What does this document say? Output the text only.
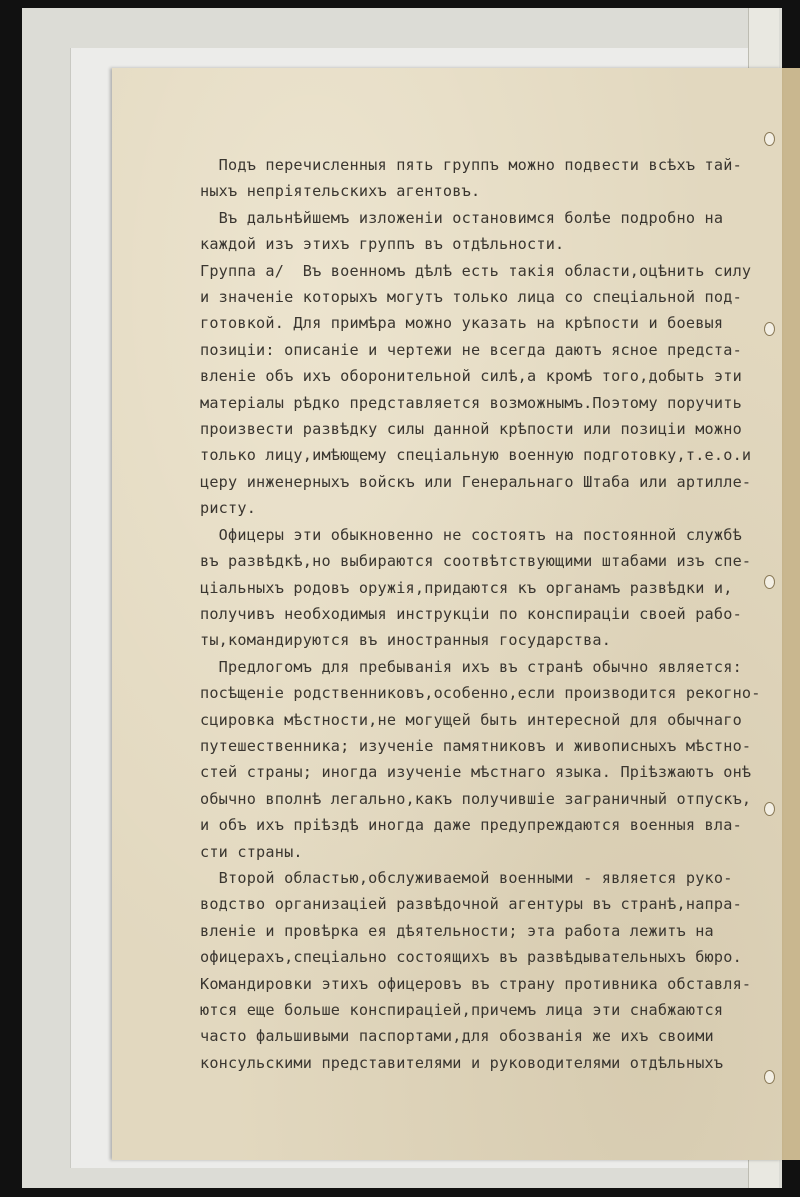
Подъ перечисленныя пять группъ можно подвести всѣхъ тай-
ныхъ непріятельскихъ агентовъ.
Въ дальнѣйшемъ изложеніи остановимся болѣе подробно на
каждой изъ этихъ группъ въ отдѣльности.
Группа а/  Въ военномъ дѣлѣ есть такія области,оцѣнить силу
и значеніе которыхъ могутъ только лица со спеціальной под-
готовкой. Для примѣра можно указать на крѣпости и боевыя
позиціи: описаніе и чертежи не всегда даютъ ясное предста-
вленіе объ ихъ оборонительной силѣ,а кромѣ того,добыть эти
матеріалы рѣдко представляется возможнымъ.Поэтому поручить
произвести развѣдку силы данной крѣпости или позиціи можно
только лицу,имѣющему спеціальную военную подготовку,т.е.о.и
церу инженерныхъ войскъ или Генеральнаго Штаба или артилле-
ристу.
Офицеры эти обыкновенно не состоятъ на постоянной службѣ
въ развѣдкѣ,но выбираются соотвѣтствующими штабами изъ спе-
ціальныхъ родовъ оружія,придаются къ органамъ развѣдки и,
получивъ необходимыя инструкціи по конспираціи своей рабо-
ты,командируются въ иностранныя государства.
Предлогомъ для пребыванія ихъ въ странѣ обычно является:
посѣщеніе родственниковъ,особенно,если производится рекогно-
сцировка мѣстности,не могущей быть интересной для обычнаго
путешественника; изученіе памятниковъ и живописныхъ мѣстно-
стей страны; иногда изученіе мѣстнаго языка. Пріѣзжаютъ онѣ
обычно вполнѣ легально,какъ получившіе заграничный отпускъ,
и объ ихъ пріѣздѣ иногда даже предупреждаются военныя вла-
сти страны.
Второй областью,обслуживаемой военными - является руко-
водство организаціей развѣдочной агентуры въ странѣ,напра-
вленіе и провѣрка ея дѣятельности; эта работа лежитъ на
офицерахъ,спеціально состоящихъ въ развѣдывательныхъ бюро.
Командировки этихъ офицеровъ въ страну противника обставля-
ются еще больше конспираціей,причемъ лица эти снабжаются
часто фальшивыми паспортами,для обозванія же ихъ своими
консульскими представителями и руководителями отдѣльныхъ
